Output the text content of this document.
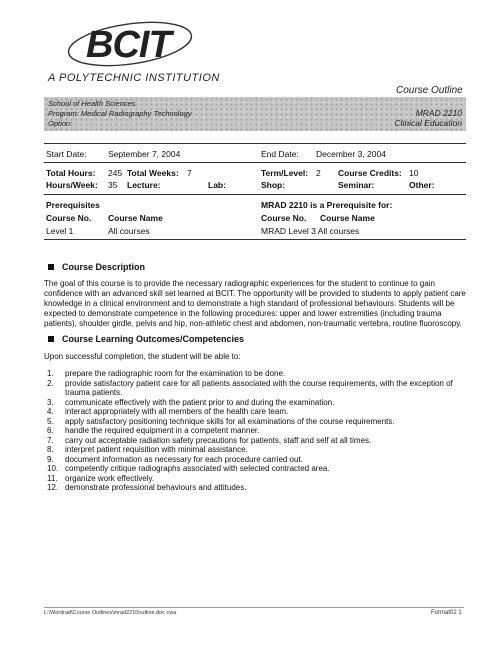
BCIT
A POLYTECHNIC INSTITUTION
Course Outline
School of Health Sciences
Program: Medical Radiography Technology
Option:
MRAD 2210
Clinical Education
Start Date:	September 7, 2004	End Date: December 3, 2004
Total Hours: 245 Total Weeks: 7	Term/Level: 2 Course Credits: 10
Hours/Week: 35 Lecture:	Lab:	Shop:	Seminar:	Other:
Prerequisites
Course No. Course Name
Level 1	All courses
MRAD 2210 is a Prerequisite for:
Course No. Course Name
MRAD Level 3 All courses
Course Description
The goal of this course is to provide the necessary radiographic experiences for the student to continue to gain confidence with an advanced skill set learned at BCIT. The opportunity will be provided to students to apply patient care knowledge in a clinical environment and to demonstrate a high standard of professional behaviours. Students will be expected to demonstrate competence in the following procedures: upper and lower extremities (including trauma patients), shoulder girdle, pelvis and hip, non-athletic chest and abdomen, non-traumatic vertebra, routine fluoroscopy.
Course Learning Outcomes/Competencies
Upon successful completion, the student will be able to:
1.	prepare the radiographic room for the examination to be done.
2.	provide satisfactory patient care for all patients associated with the course requirements, with the exception of trauma patients.
3.	communicate effectively with the patient prior to and during the examination.
4.	interact appropriately with all members of the health care team.
5.	apply satisfactory positioning technique skills for all examinations of the course requirements.
6.	handle the required equipment in a competent manner.
7.	carry out acceptable radiation safety precautions for patients, staff and self at all times.
8.	interpret patient requisition with minimal assistance.
9.	document information as necessary for each procedure carried out.
10. competently critique radiographs associated with selected contracted area.
11. organize work effectively.
12. demonstrate professional behaviours and attitudes.
L:\Wordrad\Course Outlines\mrad2210outline.doc cwa	Format02 1
